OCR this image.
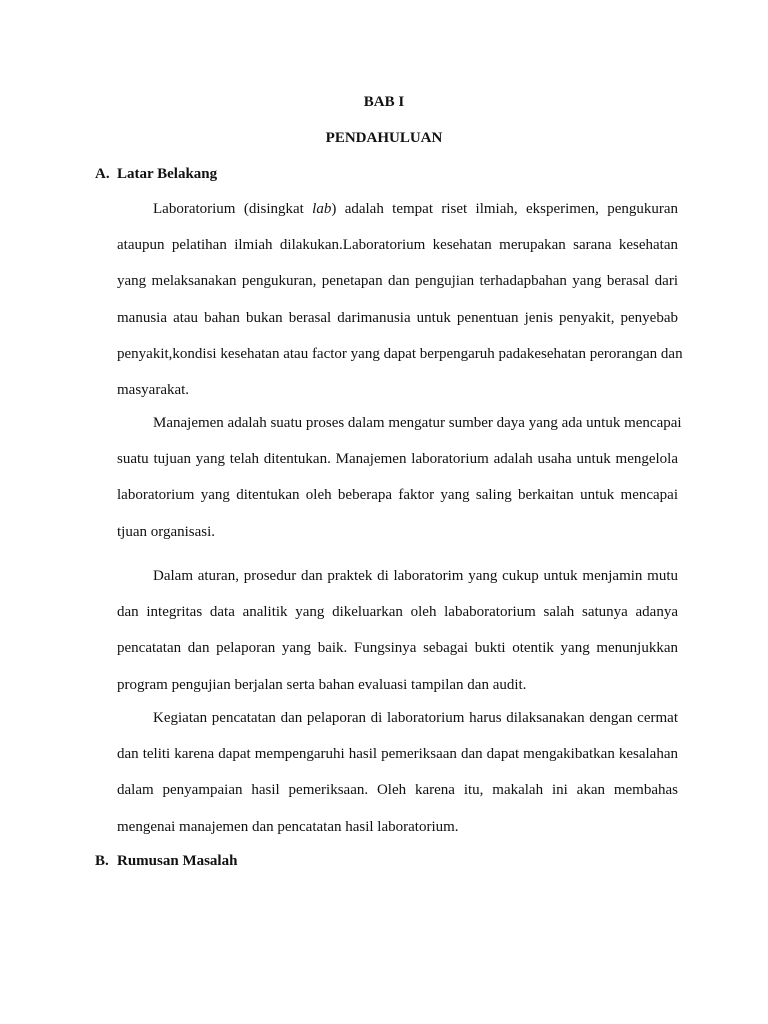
BAB I

PENDAHULUAN

A. Latar Belakang

Laboratorium (disingkat lab) adalah tempat riset ilmiah, eksperimen, pengukuran
ataupun pelatihan ilmiah dilakukan.Laboratorium kesehatan merupakan sarana kesehatan
yang melaksanakan pengukuran, penetapan dan pengujian terhadapbahan yang berasal dari
manusia atau bahan bukan berasal darimanusia untuk penentuan jenis penyakit, penyebab
penyakit,kondisi kesehatan atau factor yang dapat berpengaruh padakesehatan perorangan dan
masyarakat.
Manajemen adalah suatu proses dalam mengatur sumber daya yang ada untuk mencapai
suatu tujuan yang telah ditentukan. Manajemen laboratorium adalah usaha untuk mengelola
laboratorium yang ditentukan oleh beberapa faktor yang saling berkaitan untuk mencapai
tjuan organisasi.
Dalam aturan, prosedur dan praktek di laboratorim yang cukup untuk menjamin mutu
dan integritas data analitik yang dikeluarkan oleh lababoratorium salah satunya adanya
pencatatan dan pelaporan yang baik. Fungsinya sebagai bukti otentik yang menunjukkan
program pengujian berjalan serta bahan evaluasi tampilan dan audit.
Kegiatan pencatatan dan pelaporan di laboratorium harus dilaksanakan dengan cermat
dan teliti karena dapat mempengaruhi hasil pemeriksaan dan dapat mengakibatkan kesalahan
dalam penyampaian hasil pemeriksaan. Oleh karena itu, makalah ini akan membahas
mengenai manajemen dan pencatatan hasil laboratorium.

B. Rumusan Masalah
